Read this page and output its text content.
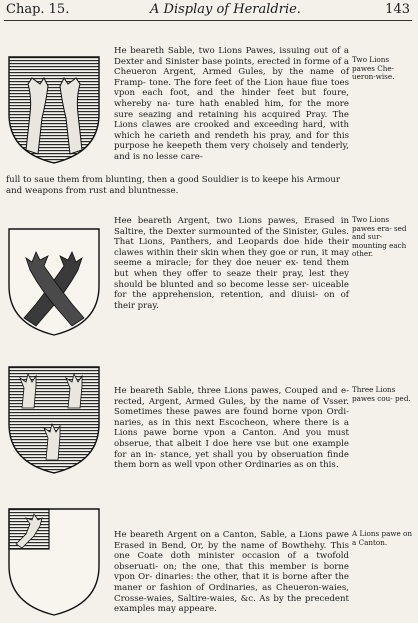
Chap. 15.	A Display of Heraldrie.	143

He beareth Sable, two Lions Pawes, issuing out of a Dexter and Sinister base points, erected in forme of a Cheueron Argent, Armed Gules, by the name of Framp- tone. The fore feet of the Lion haue fiue toes vpon each foot, and the hinder feet but foure, whereby na- ture hath enabled him, for the more sure seazing and retaining his acquired Pray. The Lions clawes are crooked and exceeding hard, with which he carieth and rendeth his pray, and for this purpose he keepeth them very choisely and tenderly, and is no lesse care-

full to saue them from blunting, then a good Souldier is to keepe his Armour
and weapons from rust and bluntnesse.
Two Lions pawes Che- ueron-wise.

Hee beareth Argent, two Lions pawes, Erased in Saltire, the Dexter surmounted of the Sinister, Gules. That Lions, Panthers, and Leopards doe hide their clawes within their skin when they goe or run, it may seeme a miracle; for they doe neuer ex- tend them but when they offer to seaze their pray, lest they should be blunted and so become lesse ser- uiceable for the apprehension, retention, and diuisi- on of their pray.

Two Lions pawes era- sed and sur- mounting each other.

He beareth Sable, three Lions pawes, Couped and e- rected, Argent, Armed Gules, by the name of Vsser. Sometimes these pawes are found borne vpon Ordi- naries, as in this next Escocheon, where there is a Lions pawe borne vpon a Canton. And you must obserue, that albeit I doe here vse but one example for an in- stance, yet shall you by obseruation finde them born as well vpon other Ordinaries as on this.

Three Lions pawes cou- ped.

He beareth Argent on a Canton, Sable, a Lions pawe Erased in Bend, Or, by the name of Bowthehy. This one Coate doth minister occasion of a twofold obseruati- on; the one, that this member is borne vpon Or- dinaries: the other, that it is borne after the maner or fashion of Ordinaries, as Cheueron-waies, Crosse-waies, Saltire-waies, &c. As by the precedent examples may appeare.

A Lions pawe on a Canton.
